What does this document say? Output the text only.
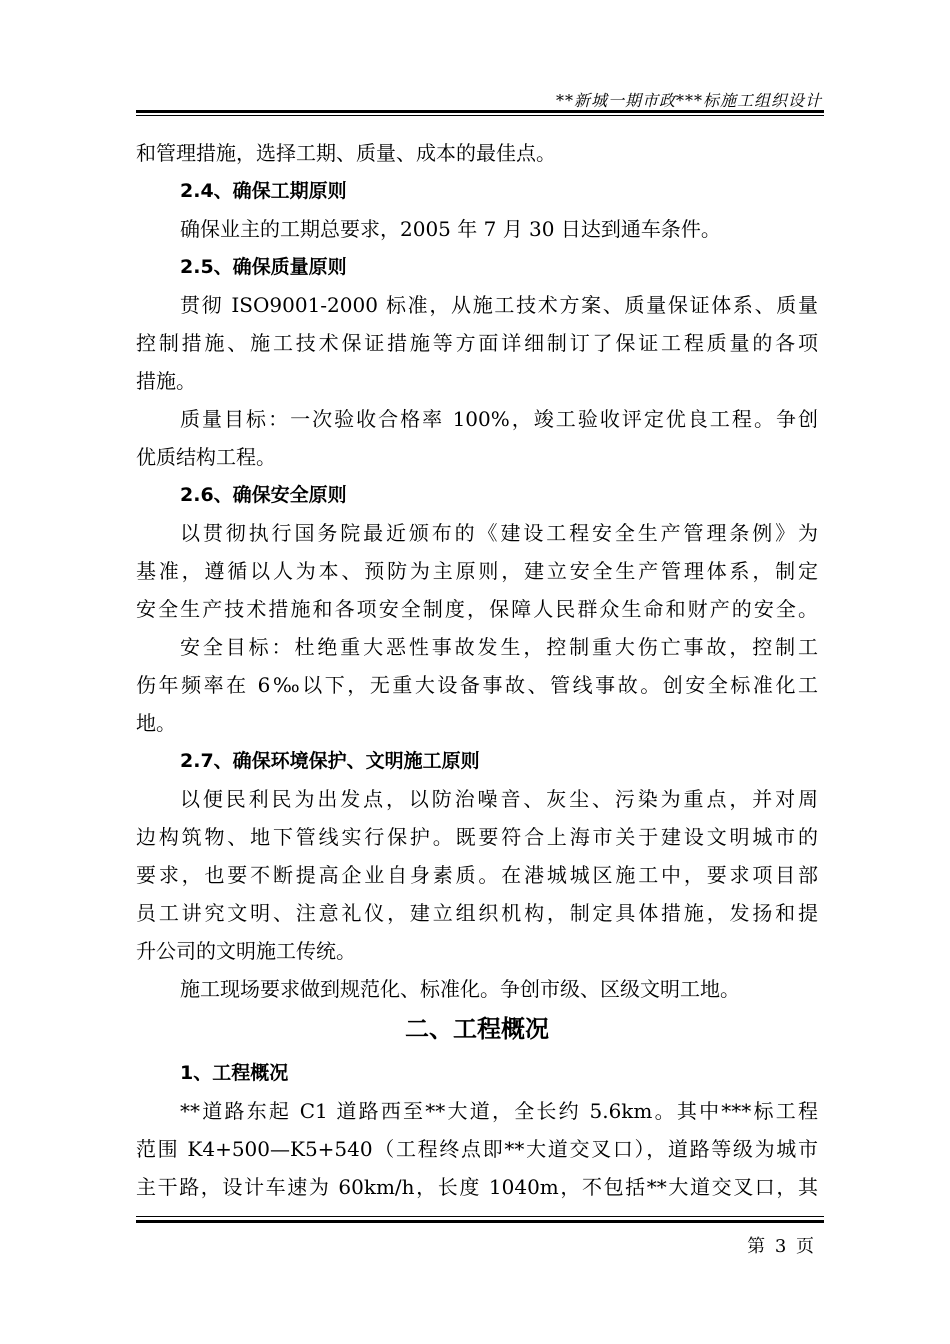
**新城一期市政***标施工组织设计
和管理措施，选择工期、质量、成本的最佳点。
2.4、确保工期原则
确保业主的工期总要求，2005 年 7 月 30 日达到通车条件。
2.5、确保质量原则
贯彻 ISO9001-2000 标准，从施工技术方案、质量保证体系、质量
控制措施、施工技术保证措施等方面详细制订了保证工程质量的各项
措施。
质量目标：一次验收合格率 100%，竣工验收评定优良工程。争创
优质结构工程。
2.6、确保安全原则
以贯彻执行国务院最近颁布的《建设工程安全生产管理条例》为
基准，遵循以人为本、预防为主原则，建立安全生产管理体系，制定
安全生产技术措施和各项安全制度，保障人民群众生命和财产的安全。
安全目标：杜绝重大恶性事故发生，控制重大伤亡事故，控制工
伤年频率在 6‰以下，无重大设备事故、管线事故。创安全标准化工
地。
2.7、确保环境保护、文明施工原则
以便民利民为出发点，以防治噪音、灰尘、污染为重点，并对周
边构筑物、地下管线实行保护。既要符合上海市关于建设文明城市的
要求，也要不断提高企业自身素质。在港城城区施工中，要求项目部
员工讲究文明、注意礼仪，建立组织机构，制定具体措施，发扬和提
升公司的文明施工传统。
施工现场要求做到规范化、标准化。争创市级、区级文明工地。
二、工程概况
1、工程概况
**道路东起 C1 道路西至**大道，全长约 5.6km。其中***标工程
范围 K4+500—K5+540（工程终点即**大道交叉口），道路等级为城市
主干路，设计车速为 60km/h，长度 1040m，不包括**大道交叉口，其
第 3 页
